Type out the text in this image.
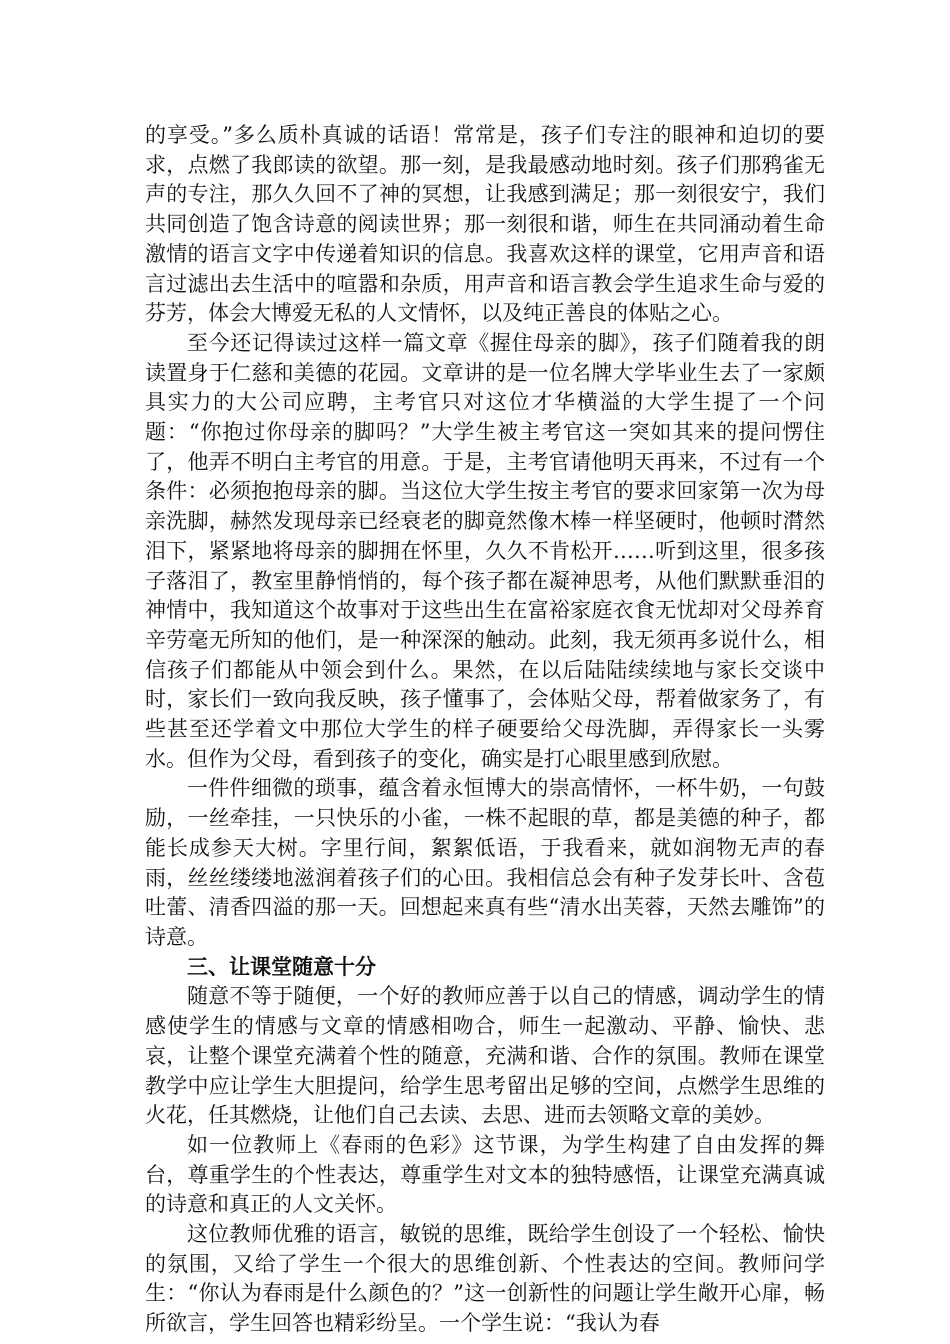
的享受。”多么质朴真诚的话语！常常是，孩子们专注的眼神和迫切的要求，点燃了我郎读的欲望。那一刻，是我最感动地时刻。孩子们那鸦雀无声的专注，那久久回不了神的冥想，让我感到满足；那一刻很安宁，我们共同创造了饱含诗意的阅读世界；那一刻很和谐，师生在共同涌动着生命激情的语言文字中传递着知识的信息。我喜欢这样的课堂，它用声音和语言过滤出去生活中的喧嚣和杂质，用声音和语言教会学生追求生命与爱的芬芳，体会大博爱无私的人文情怀，以及纯正善良的体贴之心。

至今还记得读过这样一篇文章《握住母亲的脚》，孩子们随着我的朗读置身于仁慈和美德的花园。文章讲的是一位名牌大学毕业生去了一家颇具实力的大公司应聘，主考官只对这位才华横溢的大学生提了一个问题：“你抱过你母亲的脚吗？”大学生被主考官这一突如其来的提问愣住了，他弄不明白主考官的用意。于是，主考官请他明天再来，不过有一个条件：必须抱抱母亲的脚。当这位大学生按主考官的要求回家第一次为母亲洗脚，赫然发现母亲已经衰老的脚竟然像木棒一样坚硬时，他顿时潸然泪下，紧紧地将母亲的脚拥在怀里，久久不肯松开……听到这里，很多孩子落泪了，教室里静悄悄的，每个孩子都在凝神思考，从他们默默垂泪的神情中，我知道这个故事对于这些出生在富裕家庭衣食无忧却对父母养育辛劳毫无所知的他们，是一种深深的触动。此刻，我无须再多说什么，相信孩子们都能从中领会到什么。果然，在以后陆陆续续地与家长交谈中时，家长们一致向我反映，孩子懂事了，会体贴父母，帮着做家务了，有些甚至还学着文中那位大学生的样子硬要给父母洗脚，弄得家长一头雾水。但作为父母，看到孩子的变化，确实是打心眼里感到欣慰。

一件件细微的琐事，蕴含着永恒博大的崇高情怀，一杯牛奶，一句鼓励，一丝牵挂，一只快乐的小雀，一株不起眼的草，都是美德的种子，都能长成参天大树。字里行间，絮絮低语，于我看来，就如润物无声的春雨，丝丝缕缕地滋润着孩子们的心田。我相信总会有种子发芽长叶、含苞吐蕾、清香四溢的那一天。回想起来真有些“清水出芙蓉，天然去雕饰”的诗意。

三、让课堂随意十分

随意不等于随便，一个好的教师应善于以自己的情感，调动学生的情感使学生的情感与文章的情感相吻合，师生一起激动、平静、愉快、悲哀，让整个课堂充满着个性的随意，充满和谐、合作的氛围。教师在课堂教学中应让学生大胆提问，给学生思考留出足够的空间，点燃学生思维的火花，任其燃烧，让他们自己去读、去思、进而去领略文章的美妙。

如一位教师上《春雨的色彩》这节课，为学生构建了自由发挥的舞台，尊重学生的个性表达，尊重学生对文本的独特感悟，让课堂充满真诚的诗意和真正的人文关怀。

这位教师优雅的语言，敏锐的思维，既给学生创设了一个轻松、愉快的氛围，又给了学生一个很大的思维创新、个性表达的空间。教师问学生：“你认为春雨是什么颜色的？”这一创新性的问题让学生敞开心扉，畅所欲言，学生回答也精彩纷呈。一个学生说：“我认为春
